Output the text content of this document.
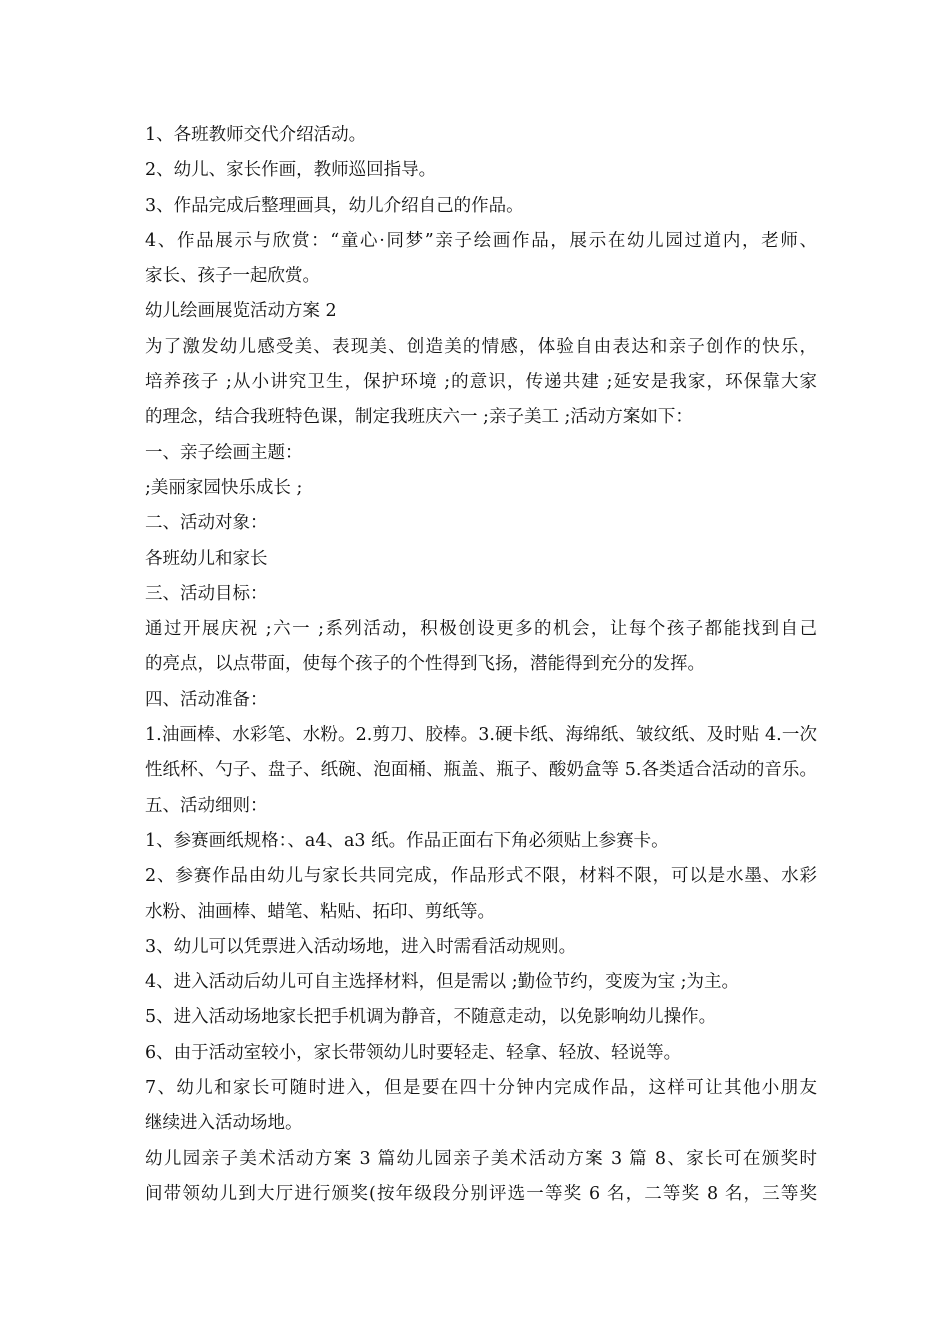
1、各班教师交代介绍活动。
2、幼儿、家长作画，教师巡回指导。
3、作品完成后整理画具，幼儿介绍自己的作品。
4、作品展示与欣赏：“童心·同梦”亲子绘画作品，展示在幼儿园过道内，老师、
家长、孩子一起欣赏。
幼儿绘画展览活动方案 2
为了激发幼儿感受美、表现美、创造美的情感，体验自由表达和亲子创作的快乐，
培养孩子 ;从小讲究卫生，保护环境 ;的意识，传递共建 ;延安是我家，环保靠大家
的理念，结合我班特色课，制定我班庆六一 ;亲子美工 ;活动方案如下：
一、亲子绘画主题：
;美丽家园快乐成长 ;
二、活动对象：
各班幼儿和家长
三、活动目标：
通过开展庆祝 ;六一 ;系列活动，积极创设更多的机会，让每个孩子都能找到自己
的亮点，以点带面，使每个孩子的个性得到飞扬，潜能得到充分的发挥。
四、活动准备：
1.油画棒、水彩笔、水粉。2.剪刀、胶棒。3.硬卡纸、海绵纸、皱纹纸、及时贴 4.一次
性纸杯、勺子、盘子、纸碗、泡面桶、瓶盖、瓶子、酸奶盒等 5.各类适合活动的音乐。
五、活动细则：
1、参赛画纸规格：、a4、a3 纸。作品正面右下角必须贴上参赛卡。
2、参赛作品由幼儿与家长共同完成，作品形式不限，材料不限，可以是水墨、水彩
水粉、油画棒、蜡笔、粘贴、拓印、剪纸等。
3、幼儿可以凭票进入活动场地，进入时需看活动规则。
4、进入活动后幼儿可自主选择材料，但是需以 ;勤俭节约，变废为宝 ;为主。
5、进入活动场地家长把手机调为静音，不随意走动，以免影响幼儿操作。
6、由于活动室较小，家长带领幼儿时要轻走、轻拿、轻放、轻说等。
7、幼儿和家长可随时进入，但是要在四十分钟内完成作品，这样可让其他小朋友
继续进入活动场地。
幼儿园亲子美术活动方案 3 篇幼儿园亲子美术活动方案 3 篇 8、家长可在颁奖时
间带领幼儿到大厅进行颁奖(按年级段分别评选一等奖 6 名，二等奖 8 名，三等奖
